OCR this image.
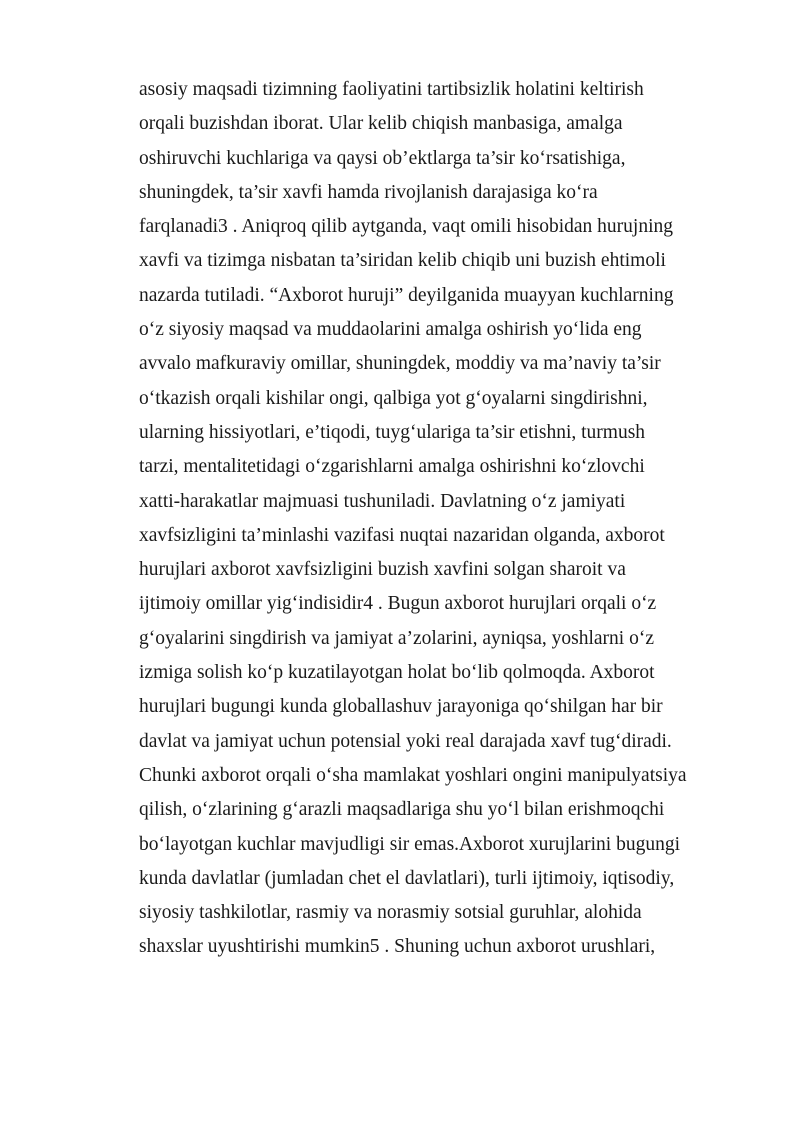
asosiy maqsadi tizimning faoliyatini tartibsizlik holatini keltirish
orqali buzishdan iborat. Ular kelib chiqish manbasiga, amalga
oshiruvchi kuchlariga va qaysi ob’ektlarga ta’sir ko‘rsatishiga,
shuningdek, ta’sir xavfi hamda rivojlanish darajasiga ko‘ra
farqlanadi3 . Aniqroq qilib aytganda, vaqt omili hisobidan hurujning
xavfi va tizimga nisbatan ta’siridan kelib chiqib uni buzish ehtimoli
nazarda tutiladi. “Axborot huruji” deyilganida muayyan kuchlarning
o‘z siyosiy maqsad va muddaolarini amalga oshirish yo‘lida eng
avvalo mafkuraviy omillar, shuningdek, moddiy va ma’naviy ta’sir
o‘tkazish orqali kishilar ongi, qalbiga yot g‘oyalarni singdirishni,
ularning hissiyotlari, e’tiqodi, tuyg‘ulariga ta’sir etishni, turmush
tarzi, mentalitetidagi o‘zgarishlarni amalga oshirishni ko‘zlovchi
xatti-harakatlar majmuasi tushuniladi. Davlatning o‘z jamiyati
xavfsizligini ta’minlashi vazifasi nuqtai nazaridan olganda, axborot
hurujlari axborot xavfsizligini buzish xavfini solgan sharoit va
ijtimoiy omillar yig‘indisidir4 . Bugun axborot hurujlari orqali o‘z
g‘oyalarini singdirish va jamiyat a’zolarini, ayniqsa, yoshlarni o‘z
izmiga solish ko‘p kuzatilayotgan holat bo‘lib qolmoqda. Axborot
hurujlari bugungi kunda globallashuv jarayoniga qo‘shilgan har bir
davlat va jamiyat uchun potensial yoki real darajada xavf tug‘diradi.
Chunki axborot orqali o‘sha mamlakat yoshlari ongini manipulyatsiya
qilish, o‘zlarining g‘arazli maqsadlariga shu yo‘l bilan erishmoqchi
bo‘layotgan kuchlar mavjudligi sir emas.Axborot xurujlarini bugungi
kunda davlatlar (jumladan chet el davlatlari), turli ijtimoiy, iqtisodiy,
siyosiy tashkilotlar, rasmiy va norasmiy sotsial guruhlar, alohida
shaxslar uyushtirishi mumkin5 . Shuning uchun axborot urushlari,
